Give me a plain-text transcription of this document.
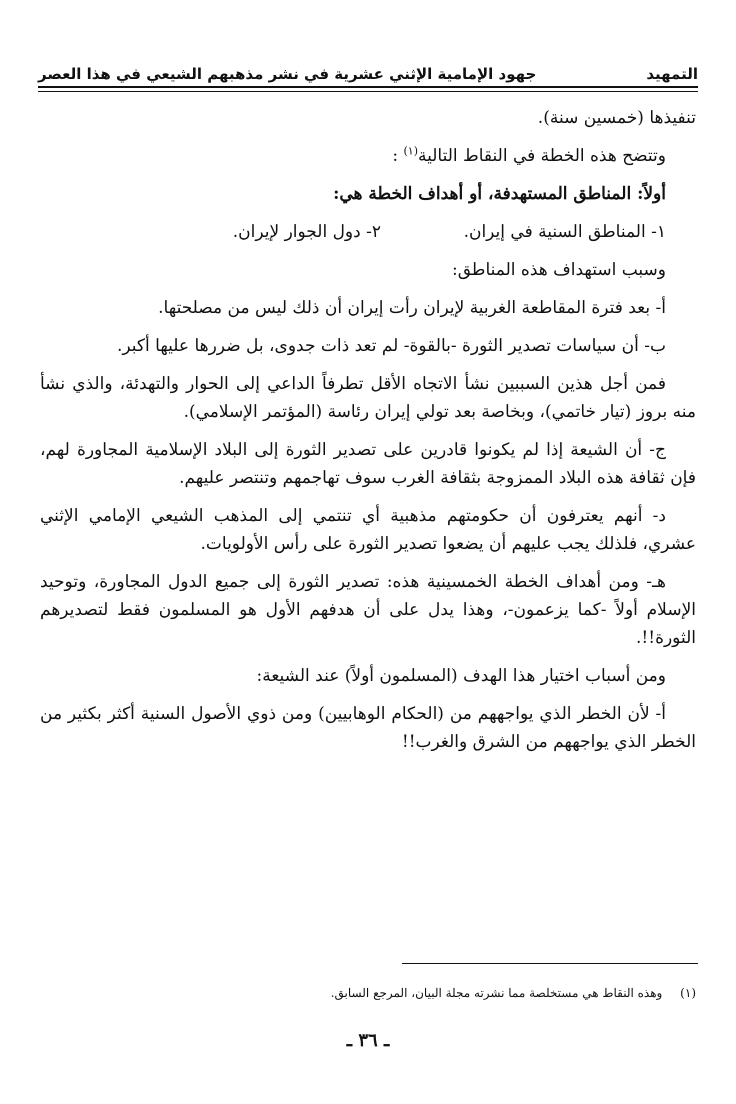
التمهيد
جهود الإمامية الإثني عشرية في نشر مذهبهم الشيعي في هذا العصر

تنفيذها (خمسين سنة).

وتتضح هذه الخطة في النقاط التالية$^{(١)}$ :

أولاً: المناطق المستهدفة، أو أهداف الخطة هي:

١- المناطق السنية في إيران.
٢- دول الجوار لإيران.

وسبب استهداف هذه المناطق:

أ- بعد فترة المقاطعة الغربية لإيران رأت إيران أن ذلك ليس من مصلحتها.

ب- أن سياسات تصدير الثورة -بالقوة- لم تعد ذات جدوى، بل ضررها عليها أكبر.

فمن أجل هذين السببين نشأ الاتجاه الأقل تطرفاً الداعي إلى الحوار والتهدئة، والذي نشأ منه بروز (تيار خاتمي)، وبخاصة بعد تولي إيران رئاسة (المؤتمر الإسلامي).

ج- أن الشيعة إذا لم يكونوا قادرين على تصدير الثورة إلى البلاد الإسلامية المجاورة لهم، فإن ثقافة هذه البلاد الممزوجة بثقافة الغرب سوف تهاجمهم وتنتصر عليهم.

د- أنهم يعترفون أن حكومتهم مذهبية أي تنتمي إلى المذهب الشيعي الإمامي الإثني عشري، فلذلك يجب عليهم أن يضعوا تصدير الثورة على رأس الأولويات.

هـ- ومن أهداف الخطة الخمسينية هذه: تصدير الثورة إلى جميع الدول المجاورة، وتوحيد الإسلام أولاً -كما يزعمون-، وهذا يدل على أن هدفهم الأول هو المسلمون فقط لتصديرهم الثورة!!.

ومن أسباب اختيار هذا الهدف (المسلمون أولاً) عند الشيعة:

أ- لأن الخطر الذي يواجههم من (الحكام الوهابيين) ومن ذوي الأصول السنية أكثر بكثير من الخطر الذي يواجههم من الشرق والغرب!!

(١) وهذه النقاط هي مستخلصة مما نشرته مجلة البيان، المرجع السابق.
ـ ٣٦ ـ
